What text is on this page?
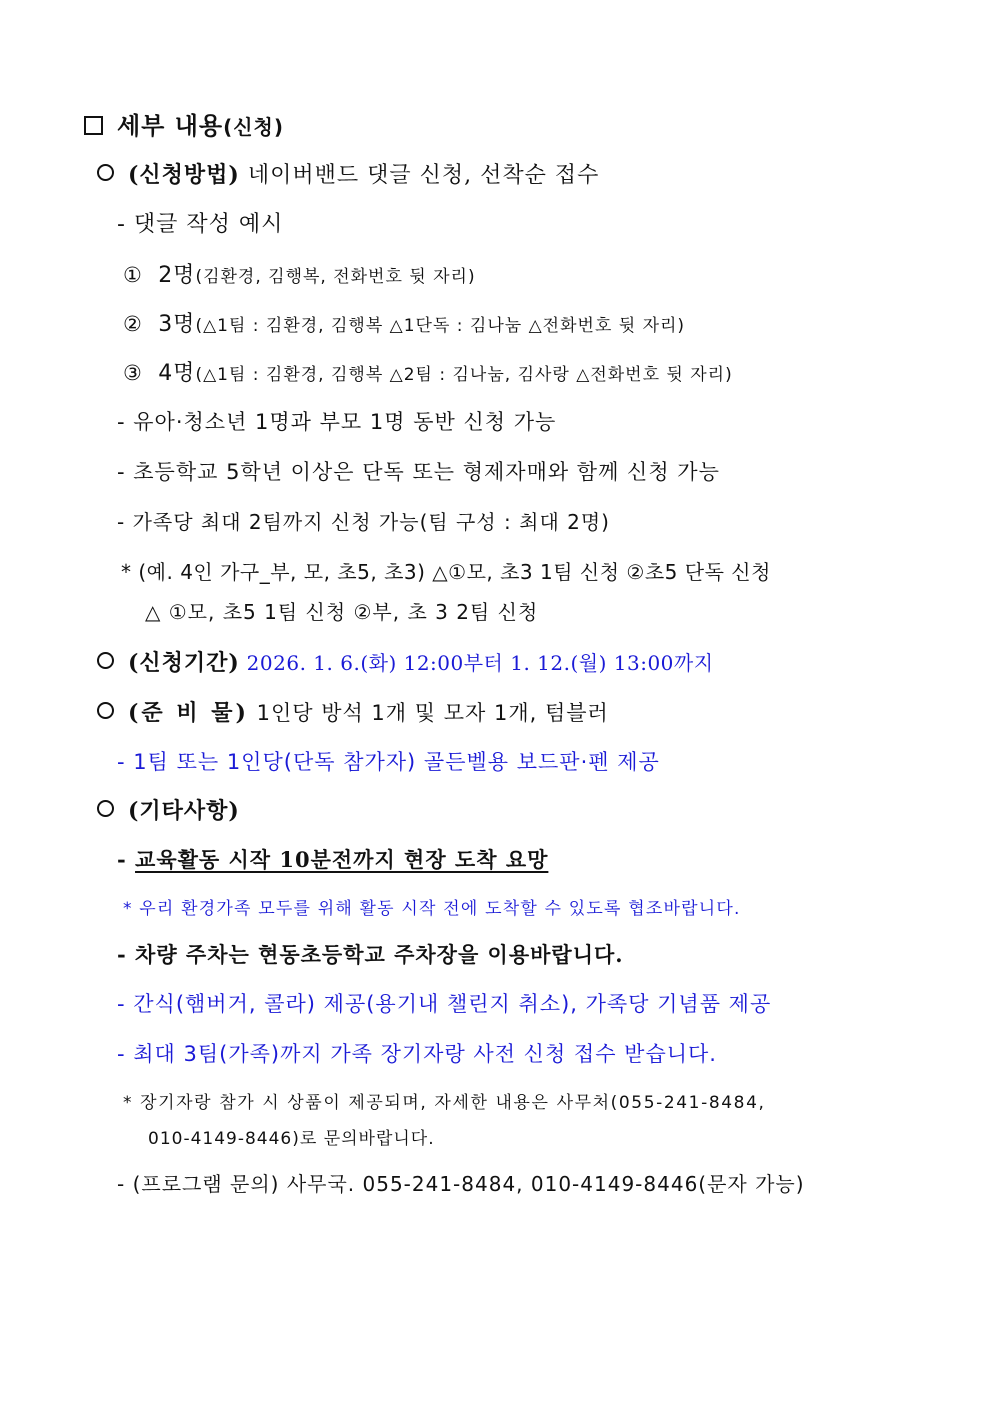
세부 내용(신청)
(신청방법) 네이버밴드 댓글 신청, 선착순 접수
- 댓글 작성 예시
① 2명(김환경, 김행복, 전화번호 뒷 자리)
② 3명(△1팀 : 김환경, 김행복 △1단독 : 김나눔 △전화번호 뒷 자리)
③ 4명(△1팀 : 김환경, 김행복 △2팀 : 김나눔, 김사랑 △전화번호 뒷 자리)
- 유아·청소년 1명과 부모 1명 동반 신청 가능
- 초등학교 5학년 이상은 단독 또는 형제자매와 함께 신청 가능
- 가족당 최대 2팀까지 신청 가능(팀 구성 : 최대 2명)
* (예. 4인 가구_부, 모, 초5, 초3) △①모, 초3 1팀 신청 ②초5 단독 신청
△ ①모, 초5 1팀 신청 ②부, 초 3 2팀 신청
(신청기간) 2026. 1. 6.(화) 12:00부터 1. 12.(월) 13:00까지
(준 비 물) 1인당 방석 1개 및 모자 1개, 텀블러
- 1팀 또는 1인당(단독 참가자) 골든벨용 보드판·펜 제공
(기타사항)
- 교육활동 시작 10분전까지 현장 도착 요망
* 우리 환경가족 모두를 위해 활동 시작 전에 도착할 수 있도록 협조바랍니다.
- 차량 주차는 현동초등학교 주차장을 이용바랍니다.
- 간식(햄버거, 콜라) 제공(용기내 챌린지 취소), 가족당 기념품 제공
- 최대 3팀(가족)까지 가족 장기자랑 사전 신청 접수 받습니다.
* 장기자랑 참가 시 상품이 제공되며, 자세한 내용은 사무처(055-241-8484,
010-4149-8446)로 문의바랍니다.
- (프로그램 문의) 사무국. 055-241-8484, 010-4149-8446(문자 가능)
